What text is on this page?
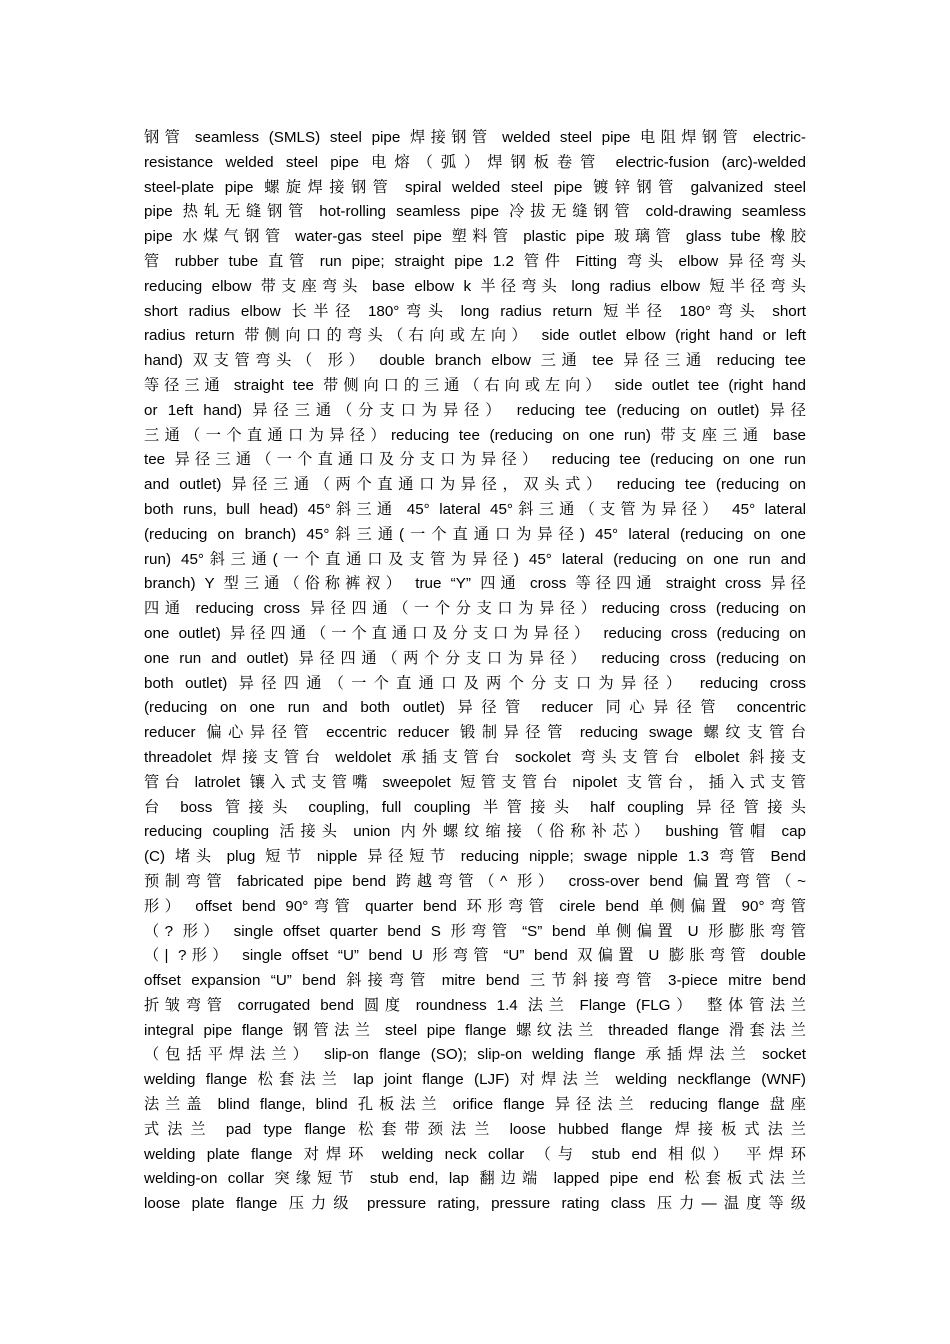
钢管 seamless (SMLS) steel pipe 焊接钢管 welded steel pipe 电阻焊钢管 electric-
resistance welded steel pipe 电熔（弧）焊钢板卷管 electric-fusion (arc)-welded
steel-plate pipe 螺旋焊接钢管 spiral welded steel pipe 镀锌钢管 galvanized steel
pipe 热轧无缝钢管 hot-rolling seamless pipe 冷拔无缝钢管 cold-drawing seamless
pipe 水煤气钢管 water-gas steel pipe 塑料管 plastic pipe 玻璃管 glass tube 橡胶
管 rubber tube 直管 run pipe; straight pipe 1.2 管件 Fitting 弯头 elbow 异径弯头
reducing elbow 带支座弯头 base elbow k 半径弯头 long radius elbow 短半径弯头
short radius elbow 长半径 180°弯头 long radius return 短半径 180°弯头 short
radius return 带侧向口的弯头（右向或左向） side outlet elbow (right hand or left
hand) 双支管弯头（ 形） double branch elbow 三通 tee 异径三通 reducing tee
等径三通 straight tee 带侧向口的三通（右向或左向） side outlet tee (right hand
or 1eft hand) 异径三通（分支口为异径） reducing tee (reducing on outlet) 异径
三通（一个直通口为异径）reducing tee (reducing on one run) 带支座三通 base
tee 异径三通（一个直通口及分支口为异径） reducing tee (reducing on one run
and outlet) 异径三通（两个直通口为异径，双头式） reducing tee (reducing on
both runs, bull head) 45°斜三通 45° lateral 45°斜三通（支管为异径） 45° lateral
(reducing on branch) 45°斜三通(一个直通口为异径) 45° lateral (reducing on one
run) 45°斜三通(一个直通口及支管为异径) 45° lateral (reducing on one run and
branch) Y 型三通（俗称裤衩） true “Y” 四通 cross 等径四通 straight cross 异径
四通 reducing cross 异径四通（一个分支口为异径）reducing cross (reducing on
one outlet) 异径四通（一个直通口及分支口为异径） reducing cross (reducing on
one run and outlet) 异径四通（两个分支口为异径） reducing cross (reducing on
both outlet) 异径四通（一个直通口及两个分支口为异径） reducing cross
(reducing on one run and both outlet) 异径管 reducer 同心异径管 concentric
reducer 偏心异径管 eccentric reducer 锻制异径管 reducing swage 螺纹支管台
threadolet 焊接支管台 weldolet 承插支管台 sockolet 弯头支管台 elbolet 斜接支
管台 latrolet 镶入式支管嘴 sweepolet 短管支管台 nipolet 支管台，插入式支管
台 boss 管接头 coupling, full coupling 半管接头 half coupling 异径管接头
reducing coupling 活接头 union 内外螺纹缩接（俗称补芯） bushing 管帽 cap
(C) 堵头 plug 短节 nipple 异径短节 reducing nipple; swage nipple 1.3 弯管 Bend
预制弯管 fabricated pipe bend 跨越弯管（^ 形） cross-over bend 偏置弯管（~
形） offset bend 90°弯管 quarter bend 环形弯管 cirele bend 单侧偏置 90°弯管
（? 形） single offset quarter bend S 形弯管 “S” bend 单侧偏置 U 形膨胀弯管
（| ?形） single offset “U” bend U 形弯管 “U” bend 双偏置 U 膨胀弯管 double
offset expansion “U” bend 斜接弯管 mitre bend 三节斜接弯管 3-piece mitre bend
折皱弯管 corrugated bend 圆度 roundness 1.4 法兰 Flange (FLG） 整体管法兰
integral pipe flange 钢管法兰 steel pipe flange 螺纹法兰 threaded flange 滑套法兰
（包括平焊法兰） slip-on flange (SO); slip-on welding flange 承插焊法兰 socket
welding flange 松套法兰 lap joint flange (LJF) 对焊法兰 welding neckflange (WNF)
法兰盖 blind flange, blind 孔板法兰 orifice flange 异径法兰 reducing flange 盘座
式法兰 pad type flange 松套带颈法兰 loose hubbed flange 焊接板式法兰
welding plate flange 对焊环 welding neck collar （与 stub end 相似） 平焊环
welding-on collar 突缘短节 stub end, lap 翻边端 lapped pipe end 松套板式法兰
loose plate flange 压力级 pressure rating, pressure rating class 压力—温度等级
